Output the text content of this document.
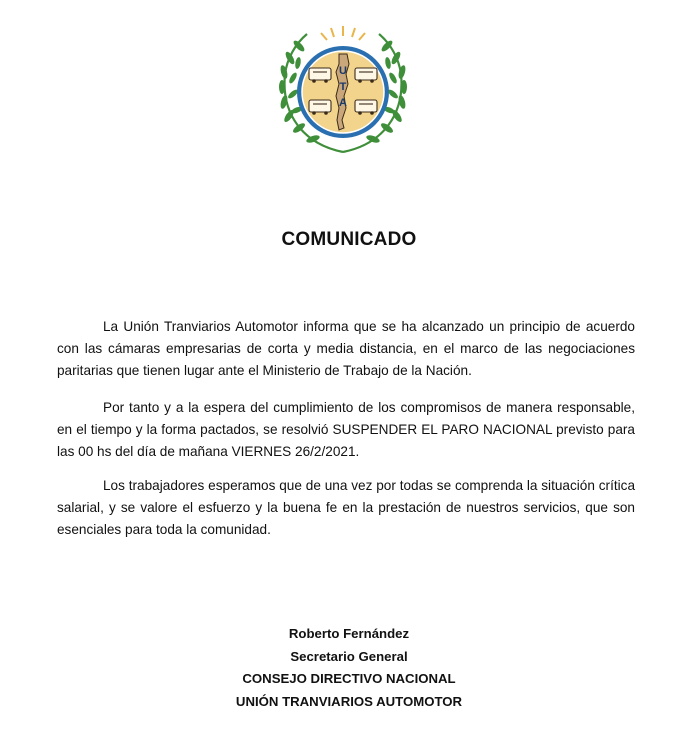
U
T
A
COMUNICADO

La Unión Tranviarios Automotor informa que se ha alcanzado un principio de acuerdo con las cámaras empresarias de corta y media distancia, en el marco de las negociaciones paritarias que tienen lugar ante el Ministerio de Trabajo de la Nación.

Por tanto y a la espera del cumplimiento de los compromisos de manera responsable, en el tiempo y la forma pactados, se resolvió SUSPENDER EL PARO NACIONAL previsto para las 00 hs del día de mañana VIERNES 26/2/2021.

Los trabajadores esperamos que de una vez por todas se comprenda la situación crítica salarial, y se valore el esfuerzo y la buena fe en la prestación de nuestros servicios, que son esenciales para toda la comunidad.

Roberto Fernández
Secretario General
CONSEJO DIRECTIVO NACIONAL
UNIÓN TRANVIARIOS AUTOMOTOR
